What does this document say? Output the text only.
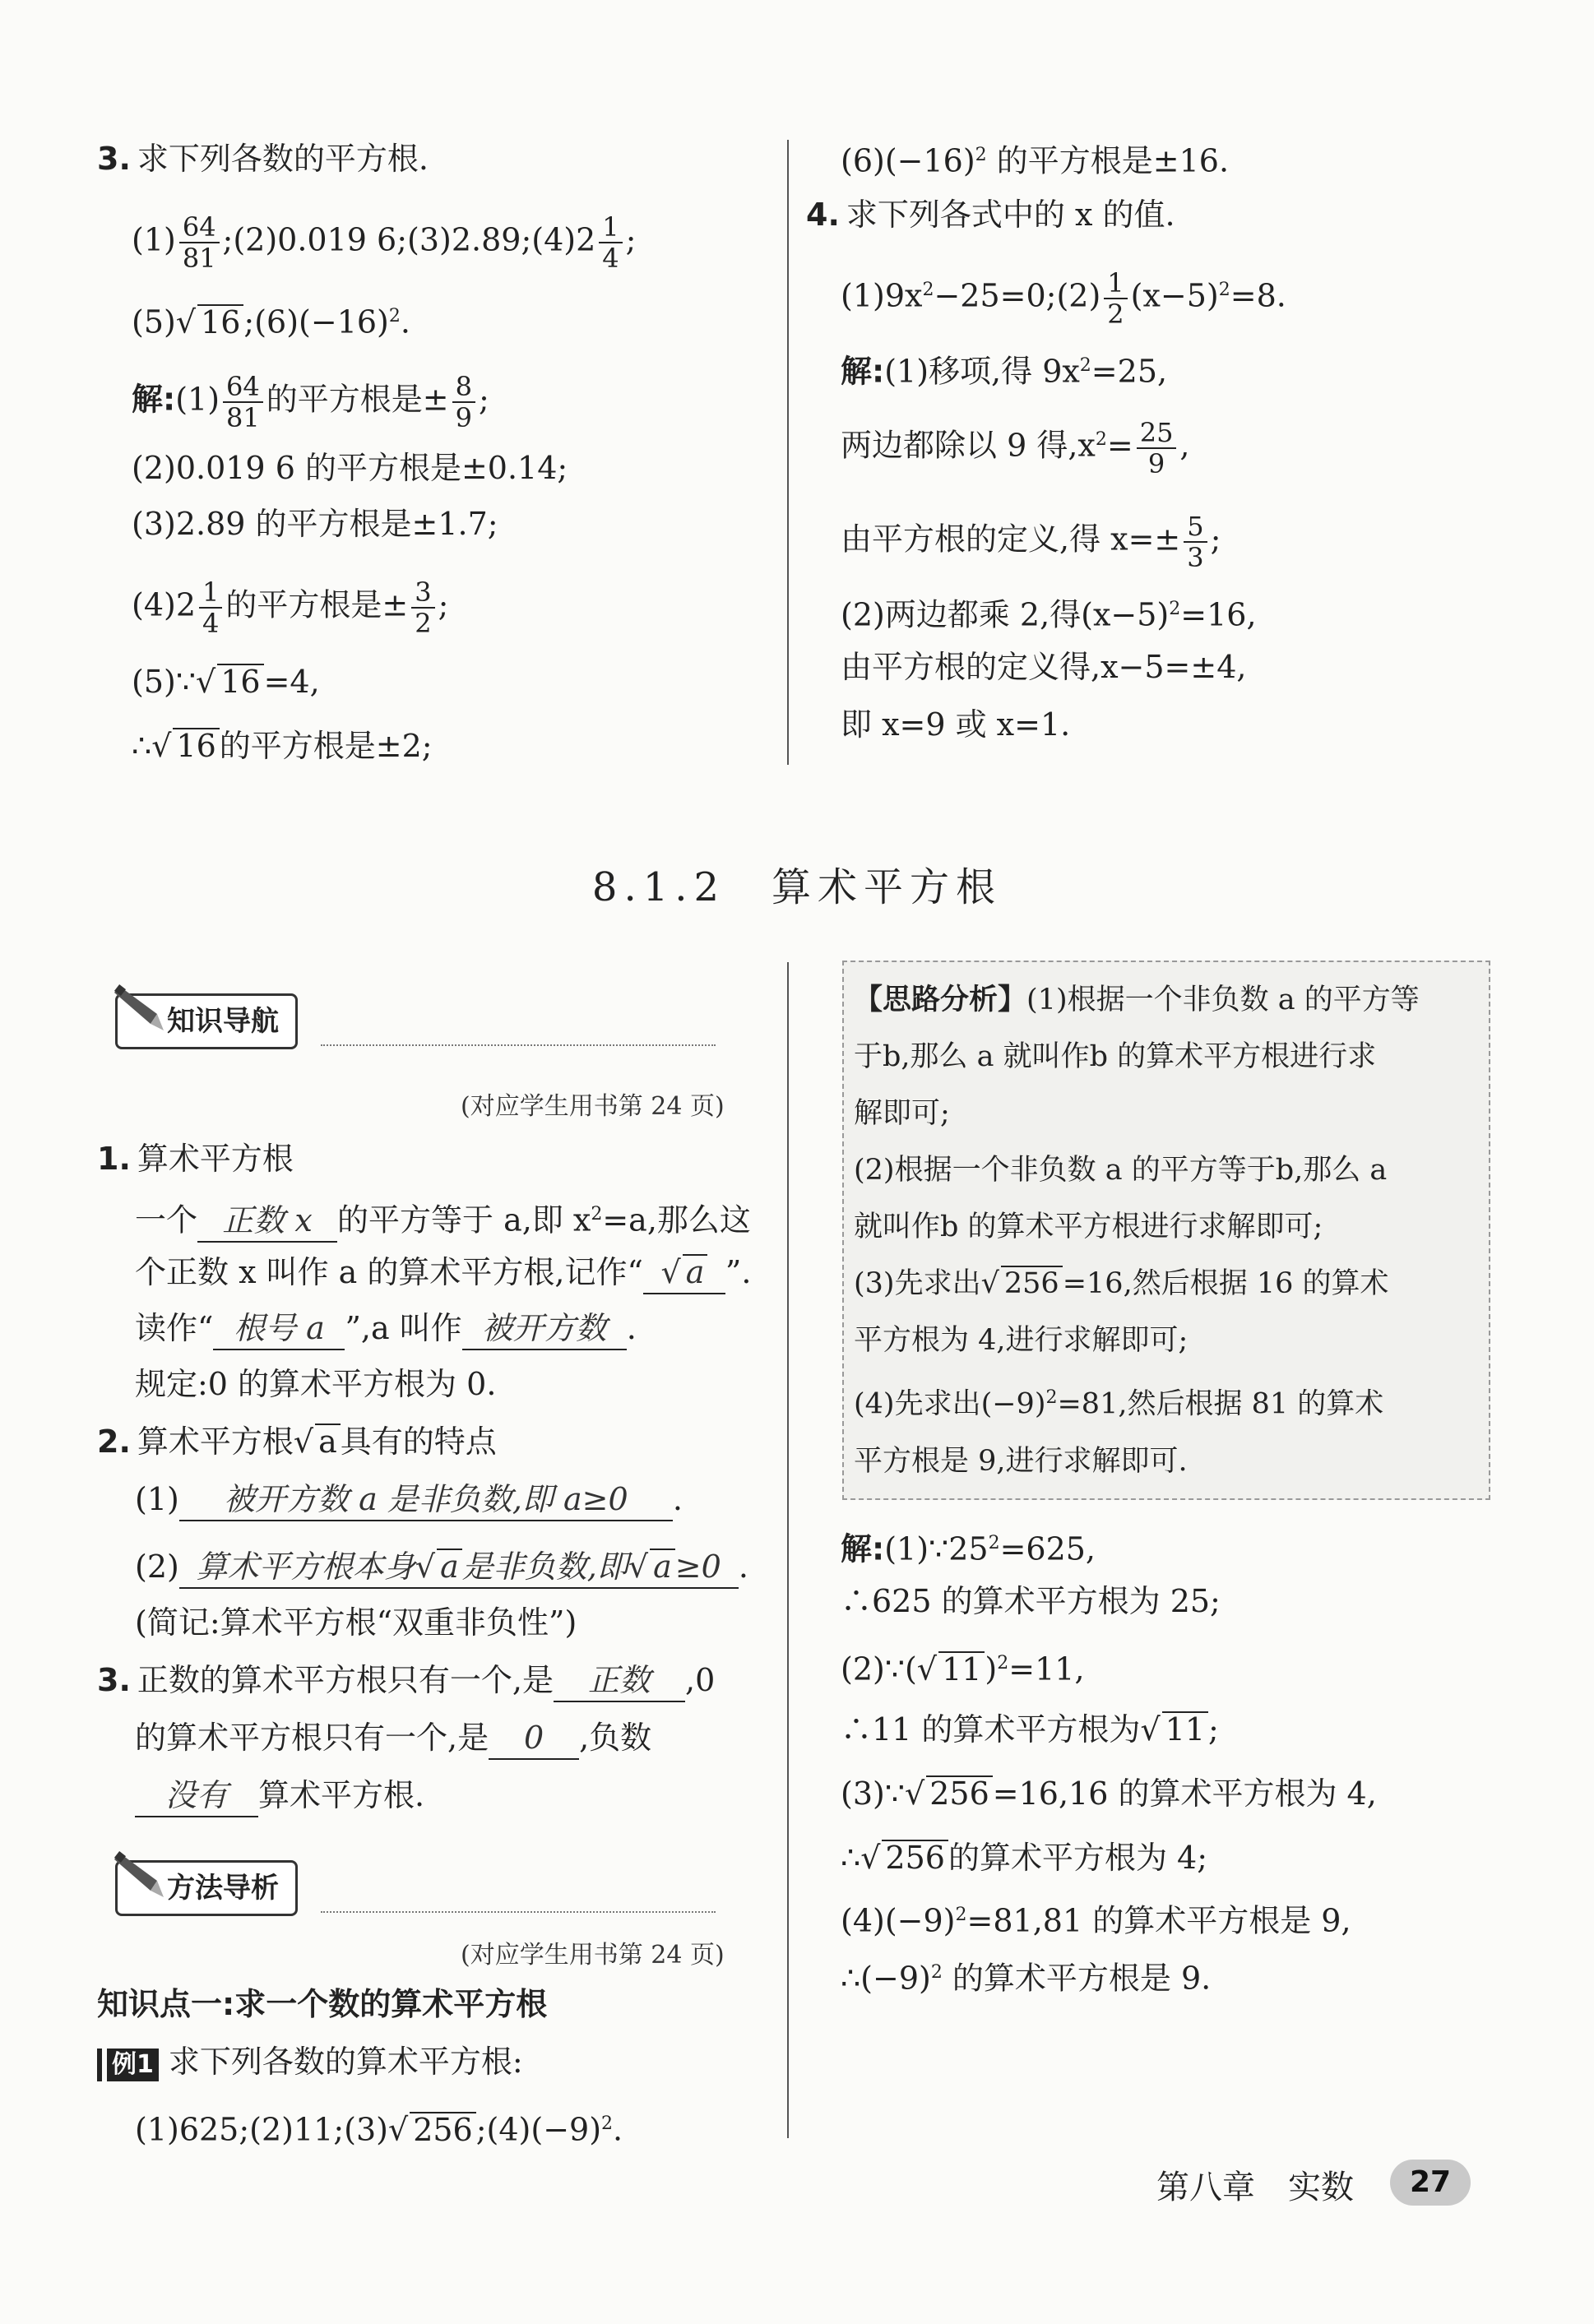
3. 求下列各数的平方根.
$(1) \frac{64}{81}$ ;(2)0.019 6;(3)2.89;(4)2 $\frac{1}{4}$ ;
(5)√ 16 $;(6)(-16)^2$.
解:(1) $\frac{64}{81}$ 的平方根是± $\frac{8}{9}$ ;
(2)0.019 6 的平方根是±0.14;
(3)2.89 的平方根是±1.7;
$(4)2 \frac{1}{4}$ 的平方根是± $\frac{3}{2}$ ;
(5)∵√ 16 =4,
∴√ 16 的平方根是±2;
$(6)(-16)^2$ 的平方根是±16.
4. 求下列各式中的 x 的值.
$(1)9x^2-25=0;(2) \frac{1}{2} (x-5)^2=8$.
解:(1)移项,得 $9x^2=25$,
两边都除以 9 得$,x^2= \frac{25}{9}$ ,
由平方根的定义,得 $x=\pm \frac{5}{3}$ ;
(2)两边都乘 2,得$(x-5)^2=16$,
由平方根的定义得,x−5=±4,
即 x=9 或 x=1.
8.1.2　算术平方根
知识导航
(对应学生用书第 24 页)
1. 算术平方根
一个 正数 x 的平方等于 a,即 $x^2=a$,那么这
个正数 x 叫作 a 的算术平方根,记作“ √ a ”.
读作“ 根号 a ”,a 叫作 被开方数 .
规定:0 的算术平方根为 0.
2. 算术平方根√ a 具有的特点
(1) 被开方数 a 是非负数,即 a≥0 .
(2) 算术平方根本身√ a 是非负数,即√ a ≥0 .
(简记:算术平方根“双重非负性”)
3. 正数的算术平方根只有一个,是 正数 ,0
的算术平方根只有一个,是 0 ,负数
没有 算术平方根.
方法导析
(对应学生用书第 24 页)
知识点一:求一个数的算术平方根
例1 求下列各数的算术平方根:
(1)625;(2)11;(3)√ 256 $;(4)(-9)^2$.
【思路分析】(1)根据一个非负数 a 的平方等
于b,那么 a 就叫作b 的算术平方根进行求
解即可;
(2)根据一个非负数 a 的平方等于b,那么 a
就叫作b 的算术平方根进行求解即可;
(3)先求出√ 256 =16,然后根据 16 的算术
平方根为 4,进行求解即可;
(4)先求出$(-9)^2=81$,然后根据 81 的算术
平方根是 9,进行求解即可.
解$:(1)\because 25^2=625$,
∴625 的算术平方根为 25;
(2)∵(√ 11 )$^2$=11,
∴11 的算术平方根为√ 11 ;
(3)∵√ 256 =16,16 的算术平方根为 4,
∴√ 256 的算术平方根为 4;
$(4)(-9)^2=81,81$ 的算术平方根是 9,
$\therefore(-9)^2$ 的算术平方根是 9.
第八章　实数	27
